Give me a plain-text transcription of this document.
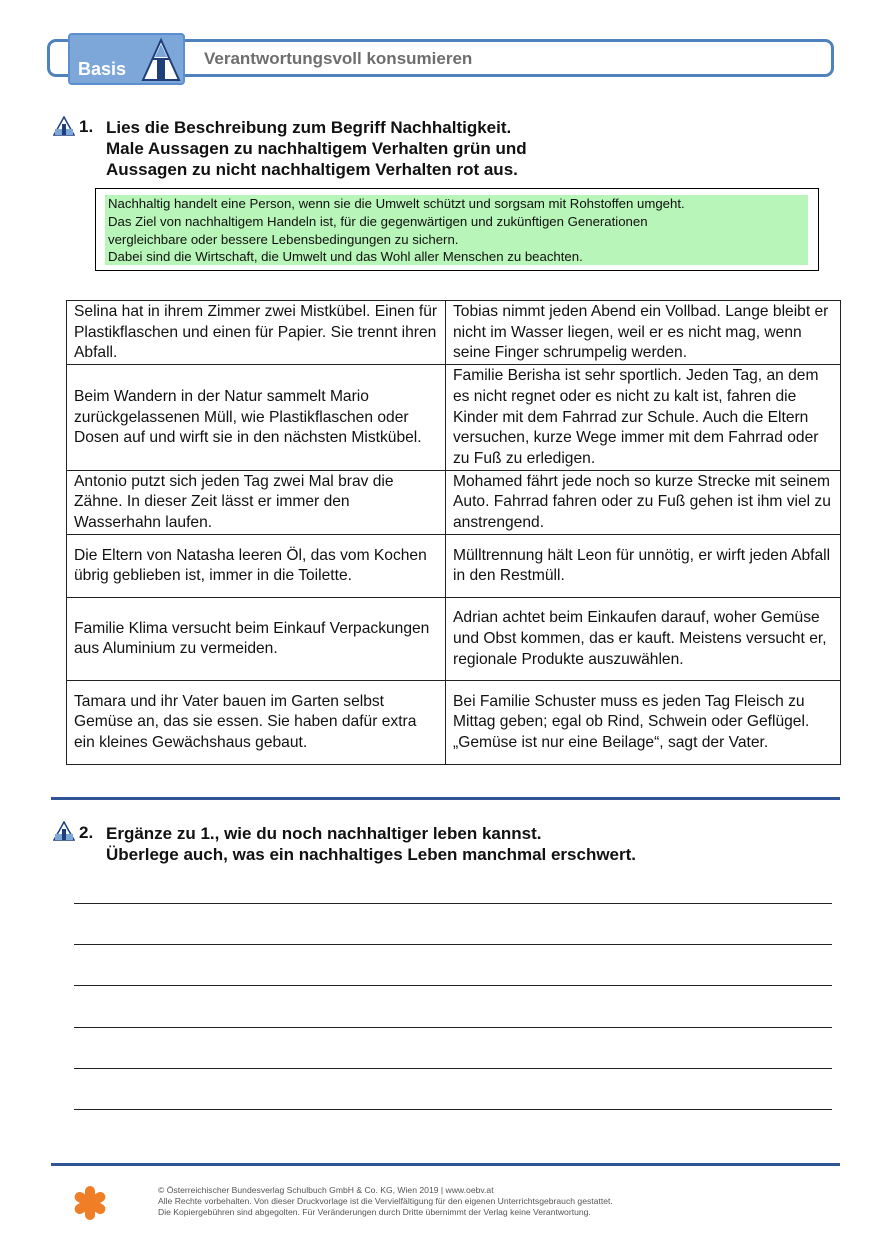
Basis
Verantwortungsvoll konsumieren
1. Lies die Beschreibung zum Begriff Nachhaltigkeit.
Male Aussagen zu nachhaltigem Verhalten grün und
Aussagen zu nicht nachhaltigem Verhalten rot aus.
Nachhaltig handelt eine Person, wenn sie die Umwelt schützt und sorgsam mit Rohstoffen umgeht.
Das Ziel von nachhaltigem Handeln ist, für die gegenwärtigen und zukünftigen Generationen
vergleichbare oder bessere Lebensbedingungen zu sichern.
Dabei sind die Wirtschaft, die Umwelt und das Wohl aller Menschen zu beachten.
Selina hat in ihrem Zimmer zwei Mistkübel. Einen für Plastikflaschen und einen für Papier. Sie trennt ihren Abfall.	Tobias nimmt jeden Abend ein Vollbad. Lange bleibt er nicht im Wasser liegen, weil er es nicht mag, wenn seine Finger schrumpelig werden.
Beim Wandern in der Natur sammelt Mario zurückgelassenen Müll, wie Plastikflaschen oder Dosen auf und wirft sie in den nächsten Mistkübel.	Familie Berisha ist sehr sportlich. Jeden Tag, an dem es nicht regnet oder es nicht zu kalt ist, fahren die Kinder mit dem Fahrrad zur Schule. Auch die Eltern versuchen, kurze Wege immer mit dem Fahrrad oder zu Fuß zu erledigen.
Antonio putzt sich jeden Tag zwei Mal brav die Zähne. In dieser Zeit lässt er immer den Wasserhahn laufen.	Mohamed fährt jede noch so kurze Strecke mit seinem Auto. Fahrrad fahren oder zu Fuß gehen ist ihm viel zu anstrengend.
Die Eltern von Natasha leeren Öl, das vom Kochen übrig geblieben ist, immer in die Toilette.	Mülltrennung hält Leon für unnötig, er wirft jeden Abfall in den Restmüll.
Familie Klima versucht beim Einkauf Verpackungen aus Aluminium zu vermeiden.	Adrian achtet beim Einkaufen darauf, woher Gemüse und Obst kommen, das er kauft. Meistens versucht er, regionale Produkte auszuwählen.
Tamara und ihr Vater bauen im Garten selbst Gemüse an, das sie essen. Sie haben dafür extra ein kleines Gewächshaus gebaut.	Bei Familie Schuster muss es jeden Tag Fleisch zu Mittag geben; egal ob Rind, Schwein oder Geflügel. „Gemüse ist nur eine Beilage“, sagt der Vater.
2. Ergänze zu 1., wie du noch nachhaltiger leben kannst.
Überlege auch, was ein nachhaltiges Leben manchmal erschwert.
© Österreichischer Bundesverlag Schulbuch GmbH & Co. KG, Wien 2019 | www.oebv.at
Alle Rechte vorbehalten. Von dieser Druckvorlage ist die Vervielfältigung für den eigenen Unterrichtsgebrauch gestattet.
Die Kopiergebühren sind abgegolten. Für Veränderungen durch Dritte übernimmt der Verlag keine Verantwortung.
